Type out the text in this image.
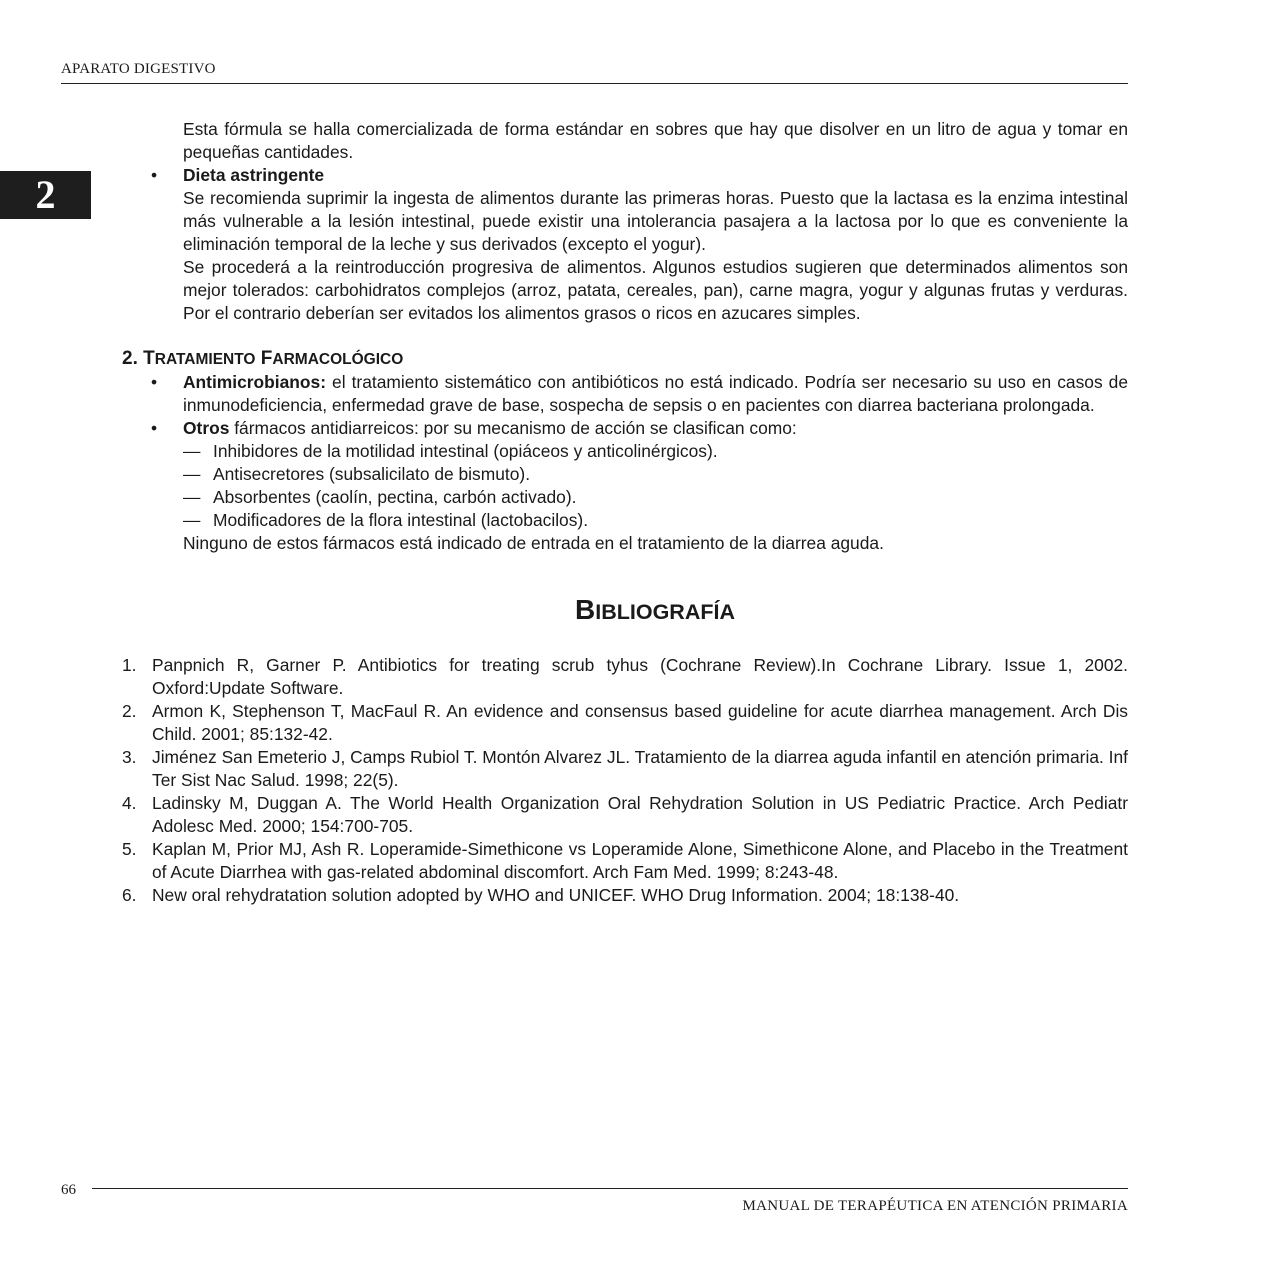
APARATO DIGESTIVO
2
Esta fórmula se halla comercializada de forma estándar en sobres que hay que disolver en un litro de agua y tomar en pequeñas cantidades.
• Dieta astringente
Se recomienda suprimir la ingesta de alimentos durante las primeras horas. Puesto que la lactasa es la enzima intestinal más vulnerable a la lesión intestinal, puede existir una intolerancia pasajera a la lactosa por lo que es conveniente la eliminación temporal de la leche y sus derivados (excepto el yogur).
Se procederá a la reintroducción progresiva de alimentos. Algunos estudios sugieren que determinados alimentos son mejor tolerados: carbohidratos complejos (arroz, patata, cereales, pan), carne magra, yogur y algunas frutas y verduras. Por el contrario deberían ser evitados los alimentos grasos o ricos en azucares simples.
2. TRATAMIENTO FARMACOLÓGICO
• Antimicrobianos: el tratamiento sistemático con antibióticos no está indicado. Podría ser necesario su uso en casos de inmunodeficiencia, enfermedad grave de base, sospecha de sepsis o en pacientes con diarrea bacteriana prolongada.
• Otros fármacos antidiarreicos: por su mecanismo de acción se clasifican como:
— Inhibidores de la motilidad intestinal (opiáceos y anticolinérgicos).
— Antisecretores (subsalicilato de bismuto).
— Absorbentes (caolín, pectina, carbón activado).
— Modificadores de la flora intestinal (lactobacilos).
Ninguno de estos fármacos está indicado de entrada en el tratamiento de la diarrea aguda.
BIBLIOGRAFÍA
1. Panpnich R, Garner P. Antibiotics for treating scrub tyhus (Cochrane Review).In Cochrane Library. Issue 1, 2002. Oxford:Update Software.
2. Armon K, Stephenson T, MacFaul R. An evidence and consensus based guideline for acute diarrhea management. Arch Dis Child. 2001; 85:132-42.
3. Jiménez San Emeterio J, Camps Rubiol T. Montón Alvarez JL. Tratamiento de la diarrea aguda infantil en atención primaria. Inf Ter Sist Nac Salud. 1998; 22(5).
4. Ladinsky M, Duggan A. The World Health Organization Oral Rehydration Solution in US Pediatric Practice. Arch Pediatr Adolesc Med. 2000; 154:700-705.
5. Kaplan M, Prior MJ, Ash R. Loperamide-Simethicone vs Loperamide Alone, Simethicone Alone, and Placebo in the Treatment of Acute Diarrhea with gas-related abdominal discomfort. Arch Fam Med. 1999; 8:243-48.
6. New oral rehydratation solution adopted by WHO and UNICEF. WHO Drug Information. 2004; 18:138-40.
66
MANUAL DE TERAPÉUTICA EN ATENCIÓN PRIMARIA
